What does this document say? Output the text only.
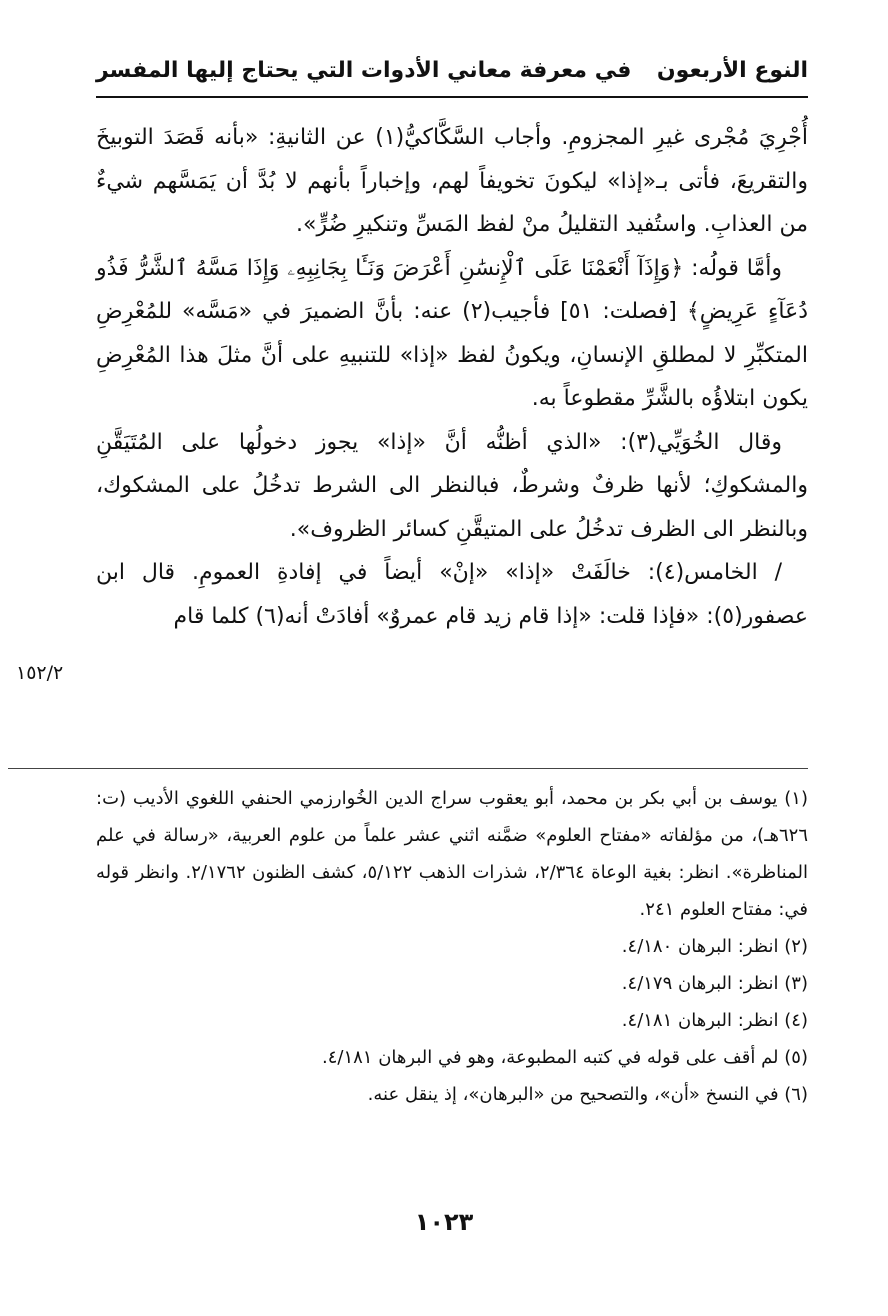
النوع الأربعون
في معرفة معاني الأدوات التي يحتاج إليها المفسر

أُجْرِيَ مُجْرى غيرِ المجزومِ. وأجاب السَّكَّاكيُّ(١) عن الثانيةِ: «بأنه قَصَدَ التوبيخَ والتقريعَ، فأتى بـ«إذا» ليكونَ تخويفاً لهم، وإخباراً بأنهم لا بُدَّ أن يَمَسَّهم شيءٌ من العذابِ. واستُفيد التقليلُ منْ لفظ المَسِّ وتنكيرِ ضُرٍّ».

وأمَّا قولُه: ﴿وَإِذَآ أَنْعَمْنَا عَلَى ٱلْإِنسَٰنِ أَعْرَضَ وَنَـَٔا بِجَانِبِهِۦ وَإِذَا مَسَّهُ ٱلشَّرُّ فَذُو دُعَآءٍ عَرِيضٍ﴾ [فصلت: ٥١] فأجيب(٢) عنه: بأنَّ الضميرَ في «مَسَّه» للمُعْرِضِ المتكبِّرِ لا لمطلقِ الإنسانِ، ويكونُ لفظ «إذا» للتنبيهِ على أنَّ مثلَ هذا المُعْرِضِ يكون ابتلاؤُه بالشَّرِّ مقطوعاً به.

وقال الخُوَيِّي(٣): «الذي أظنُّه أنَّ «إذا» يجوز دخولُها على المُتَيَقَّنِ والمشكوكِ؛ لأنها ظرفٌ وشرطٌ، فبالنظر الى الشرط تدخُلُ على المشكوك، وبالنظر الى الظرف تدخُلُ على المتيقَّنِ كسائر الظروف».

/ الخامس(٤): خالَفَتْ «إذا» «إنْ» أيضاً في إفادةِ العمومِ. قال ابن عصفور(٥): «فإذا قلت: «إذا قام زيد قام عمروٌ» أفادَتْ أنه(٦) كلما قام

١٥٢/٢

(١) يوسف بن أبي بكر بن محمد، أبو يعقوب سراج الدين الخُوارزمي الحنفي اللغوي الأديب (ت: ٦٢٦هـ)، من مؤلفاته «مفتاح العلوم» ضمَّنه اثني عشر علماً من علوم العربية، «رسالة في علم المناظرة». انظر: بغية الوعاة ٢/٣٦٤، شذرات الذهب ٥/١٢٢، كشف الظنون ٢/١٧٦٢. وانظر قوله في: مفتاح العلوم ٢٤١.

(٢) انظر: البرهان ٤/١٨٠.

(٣) انظر: البرهان ٤/١٧٩.

(٤) انظر: البرهان ٤/١٨١.

(٥) لم أقف على قوله في كتبه المطبوعة، وهو في البرهان ٤/١٨١.

(٦) في النسخ «أن»، والتصحيح من «البرهان»، إذ ينقل عنه.

١٠٢٣
